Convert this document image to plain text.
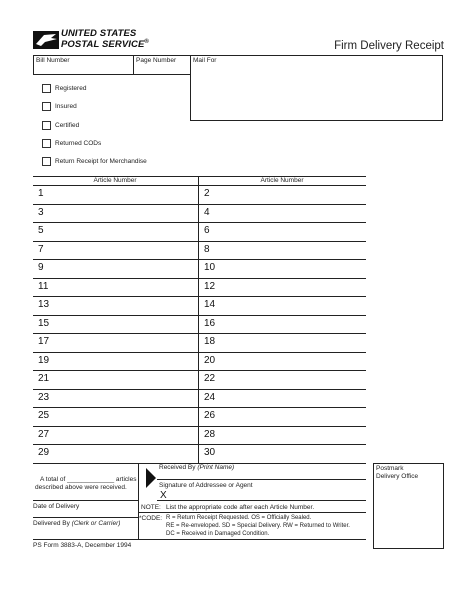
UNITED STATES
POSTAL SERVICE®	Firm Delivery Receipt
Bill Number	Page Number	Mail For
Registered
Insured
Certified
Returned CODs
Return Receipt for Merchandise
Article Number	Article Number
1	2
3	4
5	6
7	8
9	10
11	12
13	14
15	16
17	18
19	20
21	22
23	24
25	26
27	28
29	30
Postmark
Delivery Office
A total of _____________ articles
described above were received.
Received By (Print Name)
Signature of Addressee or Agent
X
Date of Delivery
Delivered By (Clerk or Carrier)
NOTE: List the appropriate code after each Article Number.
*CODE: R = Return Receipt Requested. OS = Officially Sealed.
RE = Re-enveloped. SD = Special Delivery. RW = Returned to Writer.
DC = Received in Damaged Condition.
PS Form 3883-A, December 1994
